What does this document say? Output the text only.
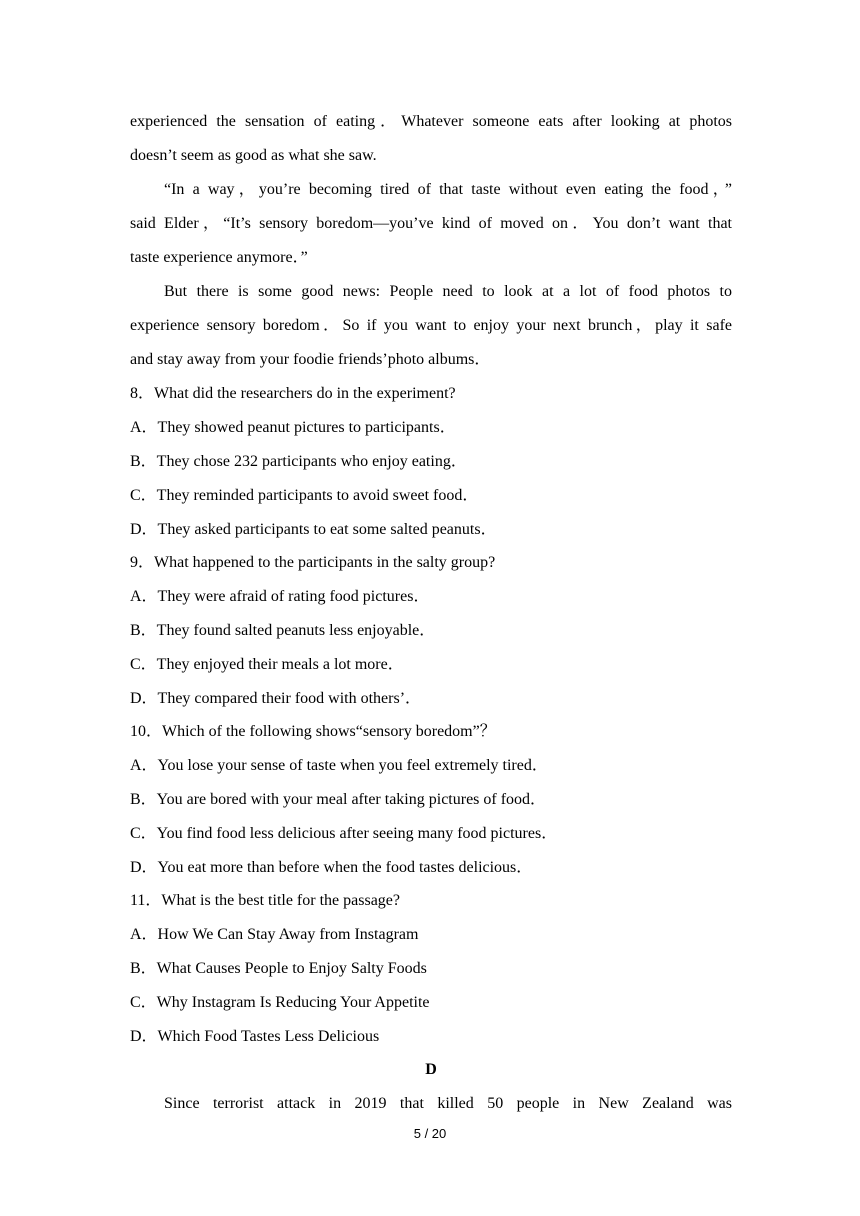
experienced the sensation of eating．Whatever someone eats after looking at photos
doesn’t seem as good as what she saw.
“In a way，you’re becoming tired of that taste without even eating the food，”
said Elder，“It’s sensory boredom—you’ve kind of moved on．You don’t want that
taste experience anymore．”
But there is some good news: People need to look at a lot of food photos to
experience sensory boredom．So if you want to enjoy your next brunch，play it safe
and stay away from your foodie friends’photo albums．
8．What did the researchers do in the experiment?
A．They showed peanut pictures to participants．
B．They chose 232 participants who enjoy eating．
C．They reminded participants to avoid sweet food．
D．They asked participants to eat some salted peanuts．
9．What happened to the participants in the salty group?
A．They were afraid of rating food pictures．
B．They found salted peanuts less enjoyable．
C．They enjoyed their meals a lot more．
D．They compared their food with others’．
10．Which of the following shows“sensory boredom”？
A．You lose your sense of taste when you feel extremely tired．
B．You are bored with your meal after taking pictures of food．
C．You find food less delicious after seeing many food pictures．
D．You eat more than before when the food tastes delicious．
11．What is the best title for the passage?
A．How We Can Stay Away from Instagram
B．What Causes People to Enjoy Salty Foods
C．Why Instagram Is Reducing Your Appetite
D．Which Food Tastes Less Delicious
D
Since terrorist attack in 2019 that killed 50 people in New Zealand was
5 / 20
